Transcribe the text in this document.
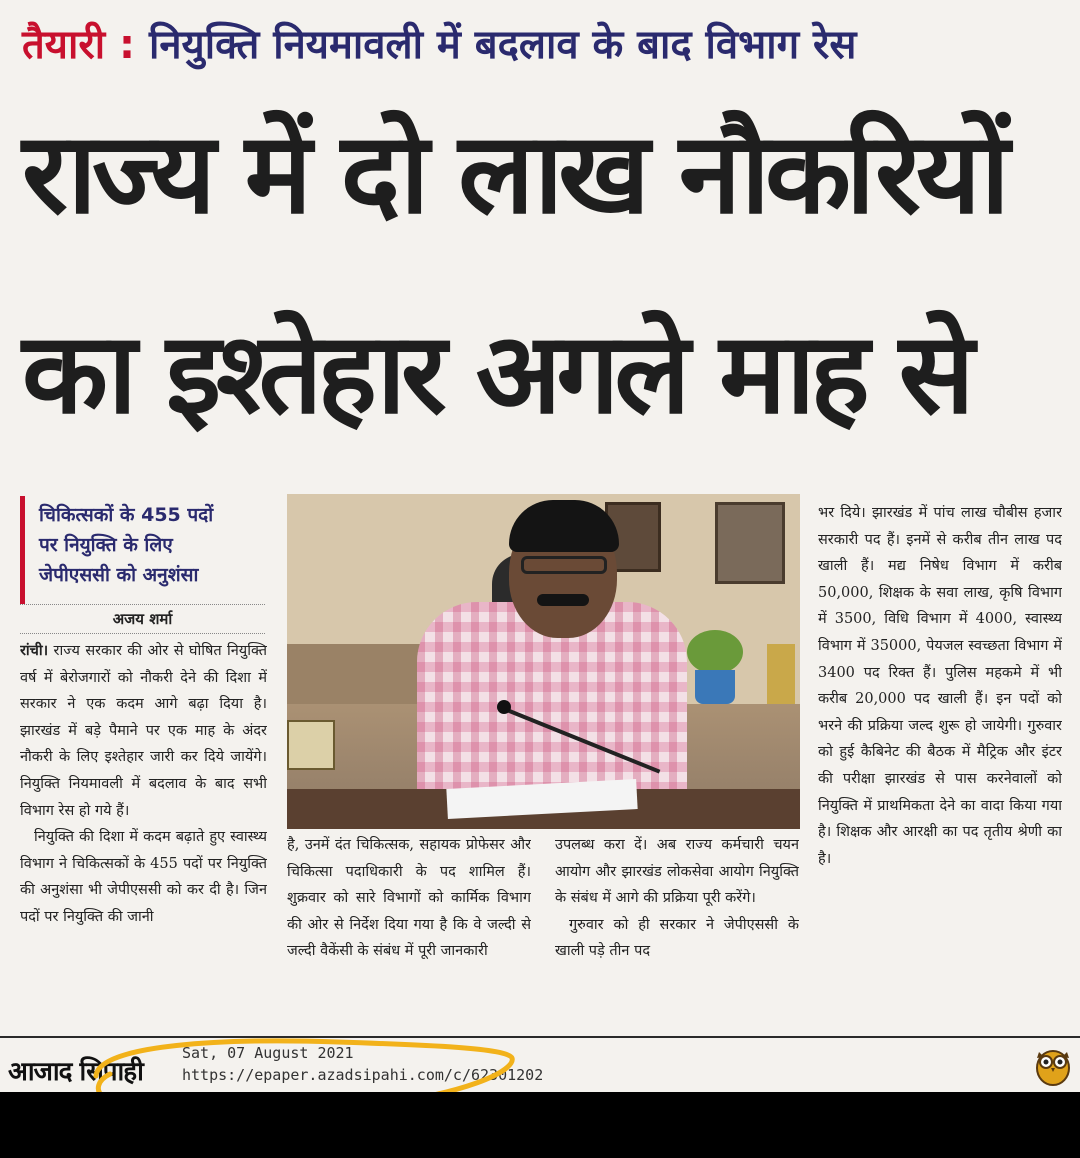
तैयारी : नियुक्ति नियमावली में बदलाव के बाद विभाग रेस
राज्य में दो लाख नौकरियों
का इश्तेहार अगले माह से
चिकित्सकों के 455 पदों
पर नियुक्ति के लिए
जेपीएससी को अनुशंसा
अजय शर्मा

रांची। राज्य सरकार की ओर से घोषित नियुक्ति वर्ष में बेरोजगारों को नौकरी देने की दिशा में सरकार ने एक कदम आगे बढ़ा दिया है। झारखंड में बड़े पैमाने पर एक माह के अंदर नौकरी के लिए इश्तेहार जारी कर दिये जायेंगे। नियुक्ति नियमावली में बदलाव के बाद सभी विभाग रेस हो गये हैं।

नियुक्ति की दिशा में कदम बढ़ाते हुए स्वास्थ्य विभाग ने चिकित्सकों के 455 पदों पर नियुक्ति की अनुशंसा भी जेपीएससी को कर दी है। जिन पदों पर नियुक्ति की जानी

है, उनमें दंत चिकित्सक, सहायक प्रोफेसर और चिकित्सा पदाधिकारी के पद शामिल हैं। शुक्रवार को सारे विभागों को कार्मिक विभाग की ओर से निर्देश दिया गया है कि वे जल्दी से जल्दी वैकेंसी के संबंध में पूरी जानकारी

उपलब्ध करा दें। अब राज्य कर्मचारी चयन आयोग और झारखंड लोकसेवा आयोग नियुक्ति के संबंध में आगे की प्रक्रिया पूरी करेंगे।

गुरुवार को ही सरकार ने जेपीएससी के खाली पड़े तीन पद

भर दिये। झारखंड में पांच लाख चौबीस हजार सरकारी पद हैं। इनमें से करीब तीन लाख पद खाली हैं। मद्य निषेध विभाग में करीब 50,000, शिक्षक के सवा लाख, कृषि विभाग में 3500, विधि विभाग में 4000, स्वास्थ्य विभाग में 35000, पेयजल स्वच्छता विभाग में 3400 पद रिक्त हैं। पुलिस महकमे में भी करीब 20,000 पद खाली हैं। इन पदों को भरने की प्रक्रिया जल्द शुरू हो जायेगी। गुरुवार को हुई कैबिनेट की बैठक में मैट्रिक और इंटर की परीक्षा झारखंड से पास करनेवालों को नियुक्ति में प्राथमिकता देने का वादा किया गया है। शिक्षक और आरक्षी का पद तृतीय श्रेणी का है।

आजाद सिपाही
Sat, 07 August 2021
https://epaper.azadsipahi.com/c/62301202
